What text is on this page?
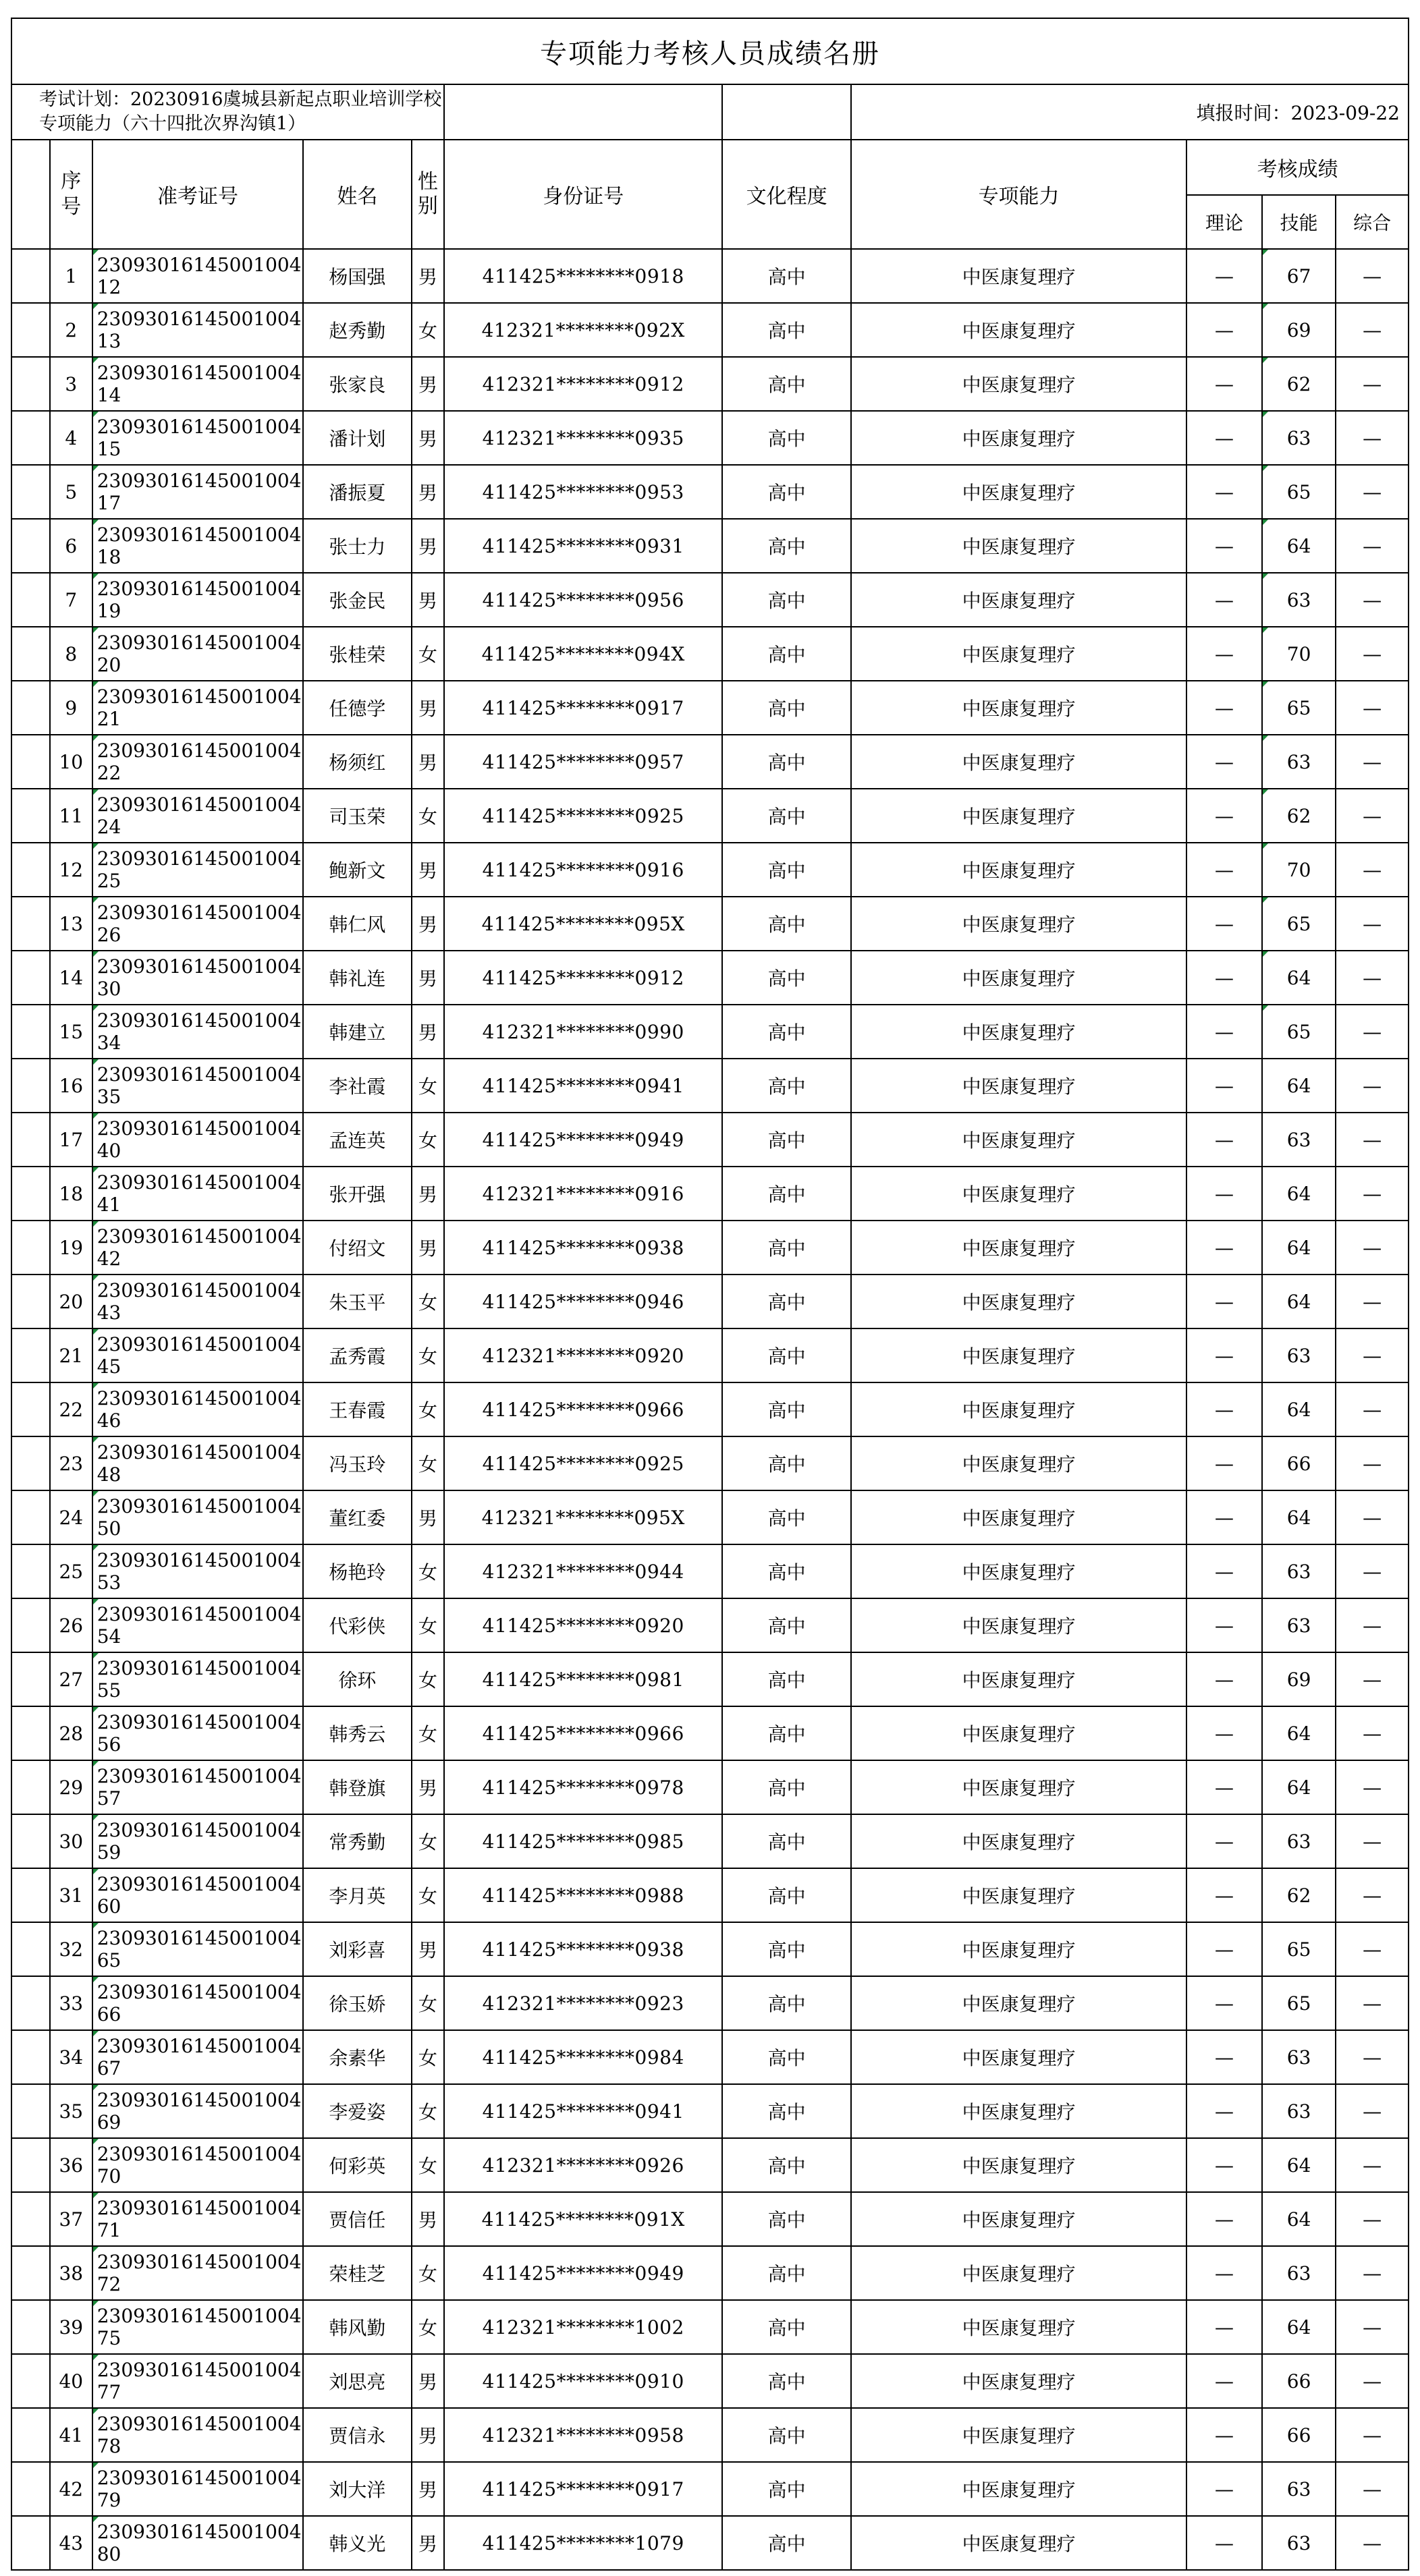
专项能力考核人员成绩名册										
考试计划：20230916虞城县新起点职业培训学校专项能力（六十四批次界沟镇1）							填报时间：2023-09-22			
	序号	准考证号	姓名	性别	身份证号	文化程度	专项能力	考核成绩		
								理论	技能	综合
	1	2309301614500100412	杨国强	男	411425********0918	高中	中医康复理疗	—	67	—
	2	2309301614500100413	赵秀勤	女	412321********092X	高中	中医康复理疗	—	69	—
	3	2309301614500100414	张家良	男	412321********0912	高中	中医康复理疗	—	62	—
	4	2309301614500100415	潘计划	男	412321********0935	高中	中医康复理疗	—	63	—
	5	2309301614500100417	潘振夏	男	411425********0953	高中	中医康复理疗	—	65	—
	6	2309301614500100418	张士力	男	411425********0931	高中	中医康复理疗	—	64	—
	7	2309301614500100419	张金民	男	411425********0956	高中	中医康复理疗	—	63	—
	8	2309301614500100420	张桂荣	女	411425********094X	高中	中医康复理疗	—	70	—
	9	2309301614500100421	任德学	男	411425********0917	高中	中医康复理疗	—	65	—
	10	2309301614500100422	杨须红	男	411425********0957	高中	中医康复理疗	—	63	—
	11	2309301614500100424	司玉荣	女	411425********0925	高中	中医康复理疗	—	62	—
	12	2309301614500100425	鲍新文	男	411425********0916	高中	中医康复理疗	—	70	—
	13	2309301614500100426	韩仁风	男	411425********095X	高中	中医康复理疗	—	65	—
	14	2309301614500100430	韩礼连	男	411425********0912	高中	中医康复理疗	—	64	—
	15	2309301614500100434	韩建立	男	412321********0990	高中	中医康复理疗	—	65	—
	16	2309301614500100435	李社霞	女	411425********0941	高中	中医康复理疗	—	64	—
	17	2309301614500100440	孟连英	女	411425********0949	高中	中医康复理疗	—	63	—
	18	2309301614500100441	张开强	男	412321********0916	高中	中医康复理疗	—	64	—
	19	2309301614500100442	付绍文	男	411425********0938	高中	中医康复理疗	—	64	—
	20	2309301614500100443	朱玉平	女	411425********0946	高中	中医康复理疗	—	64	—
	21	2309301614500100445	孟秀霞	女	412321********0920	高中	中医康复理疗	—	63	—
	22	2309301614500100446	王春霞	女	411425********0966	高中	中医康复理疗	—	64	—
	23	2309301614500100448	冯玉玲	女	411425********0925	高中	中医康复理疗	—	66	—
	24	2309301614500100450	董红委	男	412321********095X	高中	中医康复理疗	—	64	—
	25	2309301614500100453	杨艳玲	女	412321********0944	高中	中医康复理疗	—	63	—
	26	2309301614500100454	代彩侠	女	411425********0920	高中	中医康复理疗	—	63	—
	27	2309301614500100455	徐环	女	411425********0981	高中	中医康复理疗	—	69	—
	28	2309301614500100456	韩秀云	女	411425********0966	高中	中医康复理疗	—	64	—
	29	2309301614500100457	韩登旗	男	411425********0978	高中	中医康复理疗	—	64	—
	30	2309301614500100459	常秀勤	女	411425********0985	高中	中医康复理疗	—	63	—
	31	2309301614500100460	李月英	女	411425********0988	高中	中医康复理疗	—	62	—
	32	2309301614500100465	刘彩喜	男	411425********0938	高中	中医康复理疗	—	65	—
	33	2309301614500100466	徐玉娇	女	412321********0923	高中	中医康复理疗	—	65	—
	34	2309301614500100467	余素华	女	411425********0984	高中	中医康复理疗	—	63	—
	35	2309301614500100469	李爱姿	女	411425********0941	高中	中医康复理疗	—	63	—
	36	2309301614500100470	何彩英	女	412321********0926	高中	中医康复理疗	—	64	—
	37	2309301614500100471	贾信任	男	411425********091X	高中	中医康复理疗	—	64	—
	38	2309301614500100472	荣桂芝	女	411425********0949	高中	中医康复理疗	—	63	—
	39	2309301614500100475	韩风勤	女	412321********1002	高中	中医康复理疗	—	64	—
	40	2309301614500100477	刘思亮	男	411425********0910	高中	中医康复理疗	—	66	—
	41	2309301614500100478	贾信永	男	412321********0958	高中	中医康复理疗	—	66	—
	42	2309301614500100479	刘大洋	男	411425********0917	高中	中医康复理疗	—	63	—
	43	2309301614500100480	韩义光	男	411425********1079	高中	中医康复理疗	—	63	—
